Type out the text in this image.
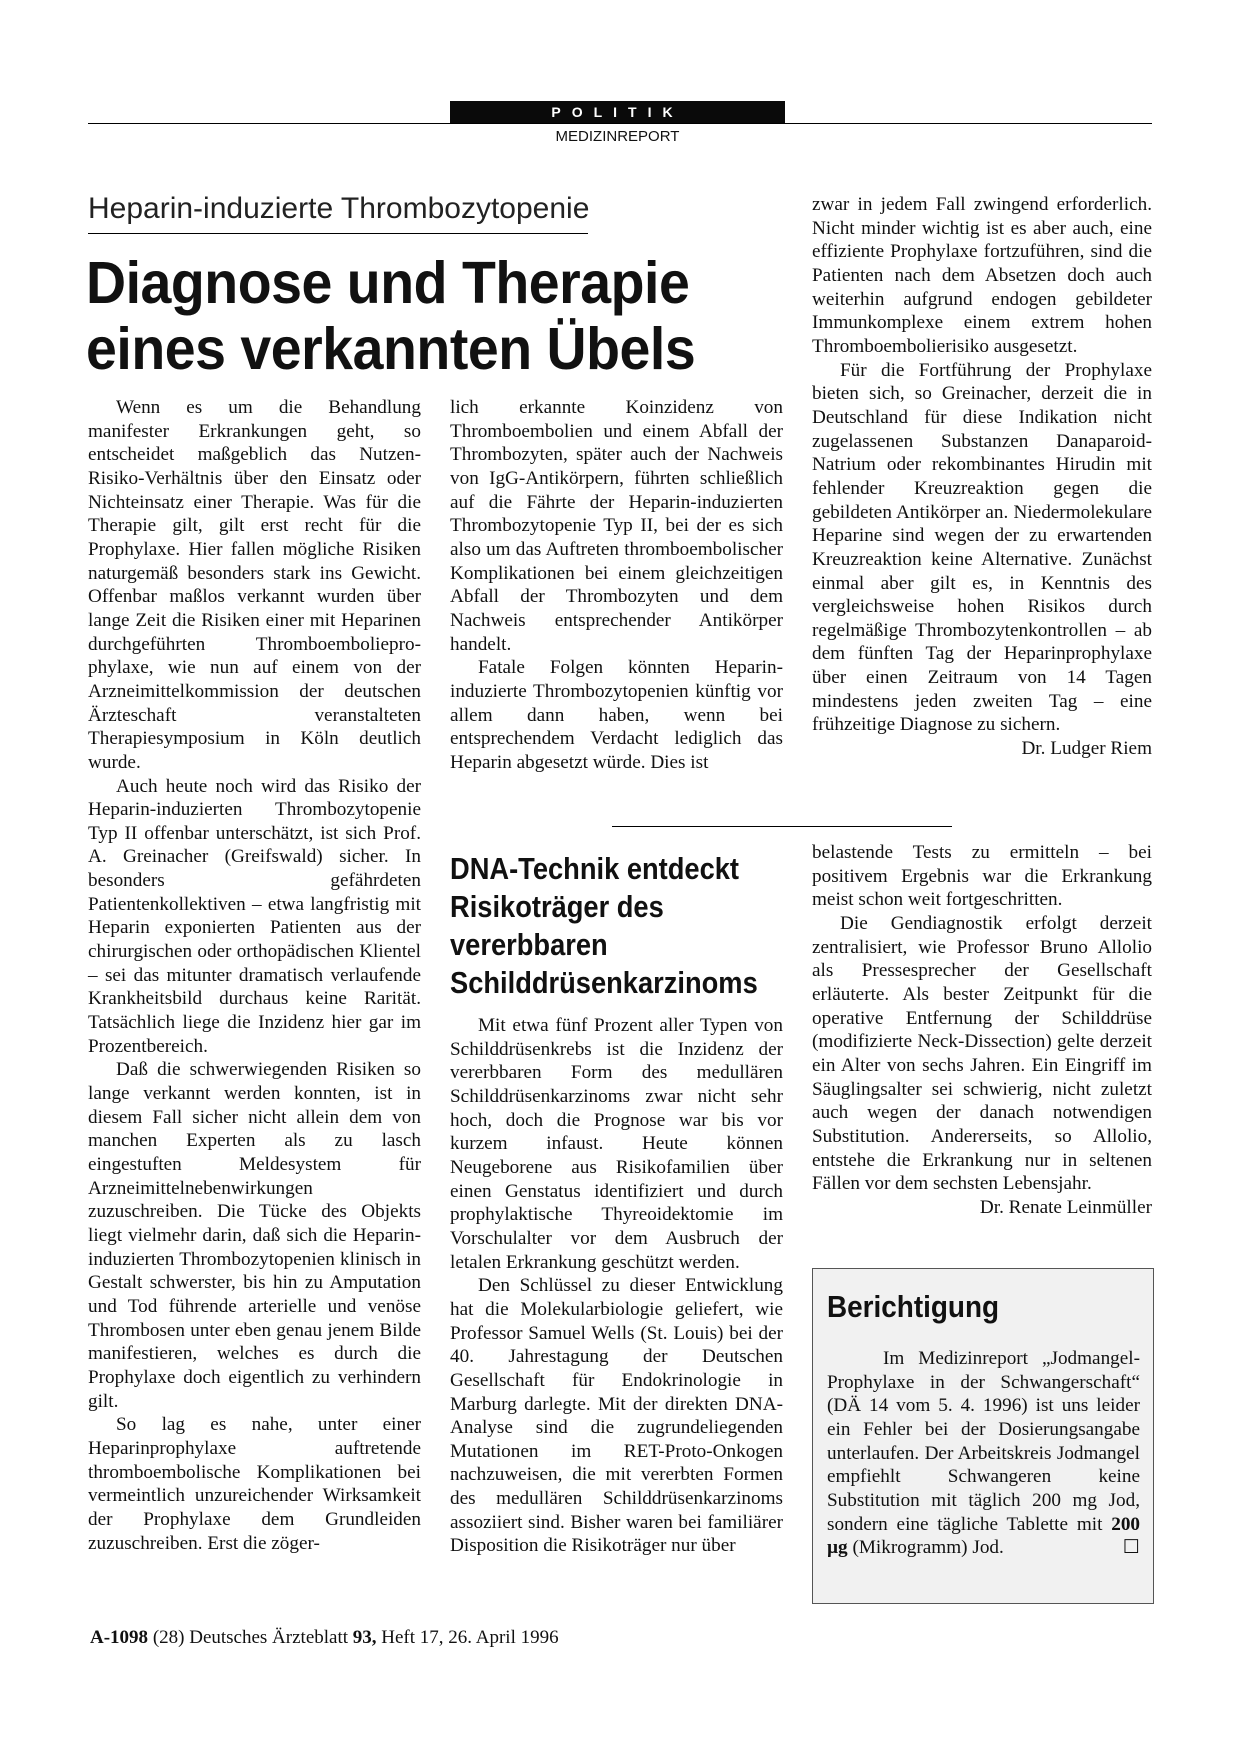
POLITIK
MEDIZINREPORT
Heparin-induzierte Thrombozytopenie
Diagnose und Therapie
eines verkannten Übels

Wenn es um die Behandlung manifester Erkrankungen geht, so entscheidet maßgeblich das Nutzen-Risiko-Verhältnis über den Einsatz oder Nichteinsatz einer Therapie. Was für die Therapie gilt, gilt erst recht für die Prophylaxe. Hier fallen mögliche Risiken naturgemäß besonders stark ins Gewicht. Offenbar maßlos verkannt wurden über lange Zeit die Risiken einer mit Heparinen durchgeführten Thromboembolieprophylaxe, wie nun auf einem von der Arzneimittelkommission der deutschen Ärzteschaft veranstalteten Therapiesymposium in Köln deutlich wurde.

Auch heute noch wird das Risiko der Heparin-induzierten Thrombozytopenie Typ II offenbar unterschätzt, ist sich Prof. A. Greinacher (Greifswald) sicher. In besonders gefährdeten Patientenkollektiven – etwa langfristig mit Heparin exponierten Patienten aus der chirurgischen oder orthopädischen Klientel – sei das mitunter dramatisch verlaufende Krankheitsbild durchaus keine Rarität. Tatsächlich liege die Inzidenz hier gar im Prozentbereich.

Daß die schwerwiegenden Risiken so lange verkannt werden konnten, ist in diesem Fall sicher nicht allein dem von manchen Experten als zu lasch eingestuften Meldesystem für Arzneimittelnebenwirkungen zuzuschreiben. Die Tücke des Objekts liegt vielmehr darin, daß sich die Heparin-induzierten Thrombozytopenien klinisch in Gestalt schwerster, bis hin zu Amputation und Tod führende arterielle und venöse Thrombosen unter eben genau jenem Bilde manifestieren, welches es durch die Prophylaxe doch eigentlich zu verhindern gilt.

So lag es nahe, unter einer Heparinprophylaxe auftretende thromboembolische Komplikationen bei vermeintlich unzureichender Wirksamkeit der Prophylaxe dem Grundleiden zuzuschreiben. Erst die zöger-

lich erkannte Koinzidenz von Thromboembolien und einem Abfall der Thrombozyten, später auch der Nachweis von IgG-Antikörpern, führten schließlich auf die Fährte der Heparin-induzierten Thrombozytopenie Typ II, bei der es sich also um das Auftreten thromboembolischer Komplikationen bei einem gleichzeitigen Abfall der Thrombozyten und dem Nachweis entsprechender Antikörper handelt.

Fatale Folgen könnten Heparin-induzierte Thrombozytopenien künftig vor allem dann haben, wenn bei entsprechendem Verdacht lediglich das Heparin abgesetzt würde. Dies ist

zwar in jedem Fall zwingend erforderlich. Nicht minder wichtig ist es aber auch, eine effiziente Prophylaxe fortzuführen, sind die Patienten nach dem Absetzen doch auch weiterhin aufgrund endogen gebildeter Immunkomplexe einem extrem hohen Thromboembolierisiko ausgesetzt.

Für die Fortführung der Prophylaxe bieten sich, so Greinacher, derzeit die in Deutschland für diese Indikation nicht zugelassenen Substanzen Danaparoid-Natrium oder rekombinantes Hirudin mit fehlender Kreuzreaktion gegen die gebildeten Antikörper an. Niedermolekulare Heparine sind wegen der zu erwartenden Kreuzreaktion keine Alternative. Zunächst einmal aber gilt es, in Kenntnis des vergleichsweise hohen Risikos durch regelmäßige Thrombozytenkontrollen – ab dem fünften Tag der Heparinprophylaxe über einen Zeitraum von 14 Tagen mindestens jeden zweiten Tag – eine frühzeitige Diagnose zu sichern.
Dr. Ludger Riem

DNA-Technik entdeckt Risikoträger des vererbbaren Schilddrüsenkarzinoms

Mit etwa fünf Prozent aller Typen von Schilddrüsenkrebs ist die Inzidenz der vererbbaren Form des medullären Schilddrüsenkarzinoms zwar nicht sehr hoch, doch die Prognose war bis vor kurzem infaust. Heute können Neugeborene aus Risikofamilien über einen Genstatus identifiziert und durch prophylaktische Thyreoidektomie im Vorschulalter vor dem Ausbruch der letalen Erkrankung geschützt werden.

Den Schlüssel zu dieser Entwicklung hat die Molekularbiologie geliefert, wie Professor Samuel Wells (St. Louis) bei der 40. Jahrestagung der Deutschen Gesellschaft für Endokrinologie in Marburg darlegte. Mit der direkten DNA-Analyse sind die zugrundeliegenden Mutationen im RET-Proto-Onkogen nachzuweisen, die mit vererbten Formen des medullären Schilddrüsenkarzinoms assoziiert sind. Bisher waren bei familiärer Disposition die Risikoträger nur über

belastende Tests zu ermitteln – bei positivem Ergebnis war die Erkrankung meist schon weit fortgeschritten.

Die Gendiagnostik erfolgt derzeit zentralisiert, wie Professor Bruno Allolio als Pressesprecher der Gesellschaft erläuterte. Als bester Zeitpunkt für die operative Entfernung der Schilddrüse (modifizierte Neck-Dissection) gelte derzeit ein Alter von sechs Jahren. Ein Eingriff im Säuglingsalter sei schwierig, nicht zuletzt auch wegen der danach notwendigen Substitution. Andererseits, so Allolio, entstehe die Erkrankung nur in seltenen Fällen vor dem sechsten Lebensjahr.
Dr. Renate Leinmüller

Berichtigung

Im Medizinreport „Jodmangel-Prophylaxe in der Schwangerschaft“ (DÄ 14 vom 5. 4. 1996) ist uns leider ein Fehler bei der Dosierungsangabe unterlaufen. Der Arbeitskreis Jodmangel empfiehlt Schwangeren keine Substitution mit täglich 200 mg Jod, sondern eine tägliche Tablette mit 200 µg (Mikrogramm) Jod.	☐

A-1098 (28) Deutsches Ärzteblatt 93, Heft 17, 26. April 1996
